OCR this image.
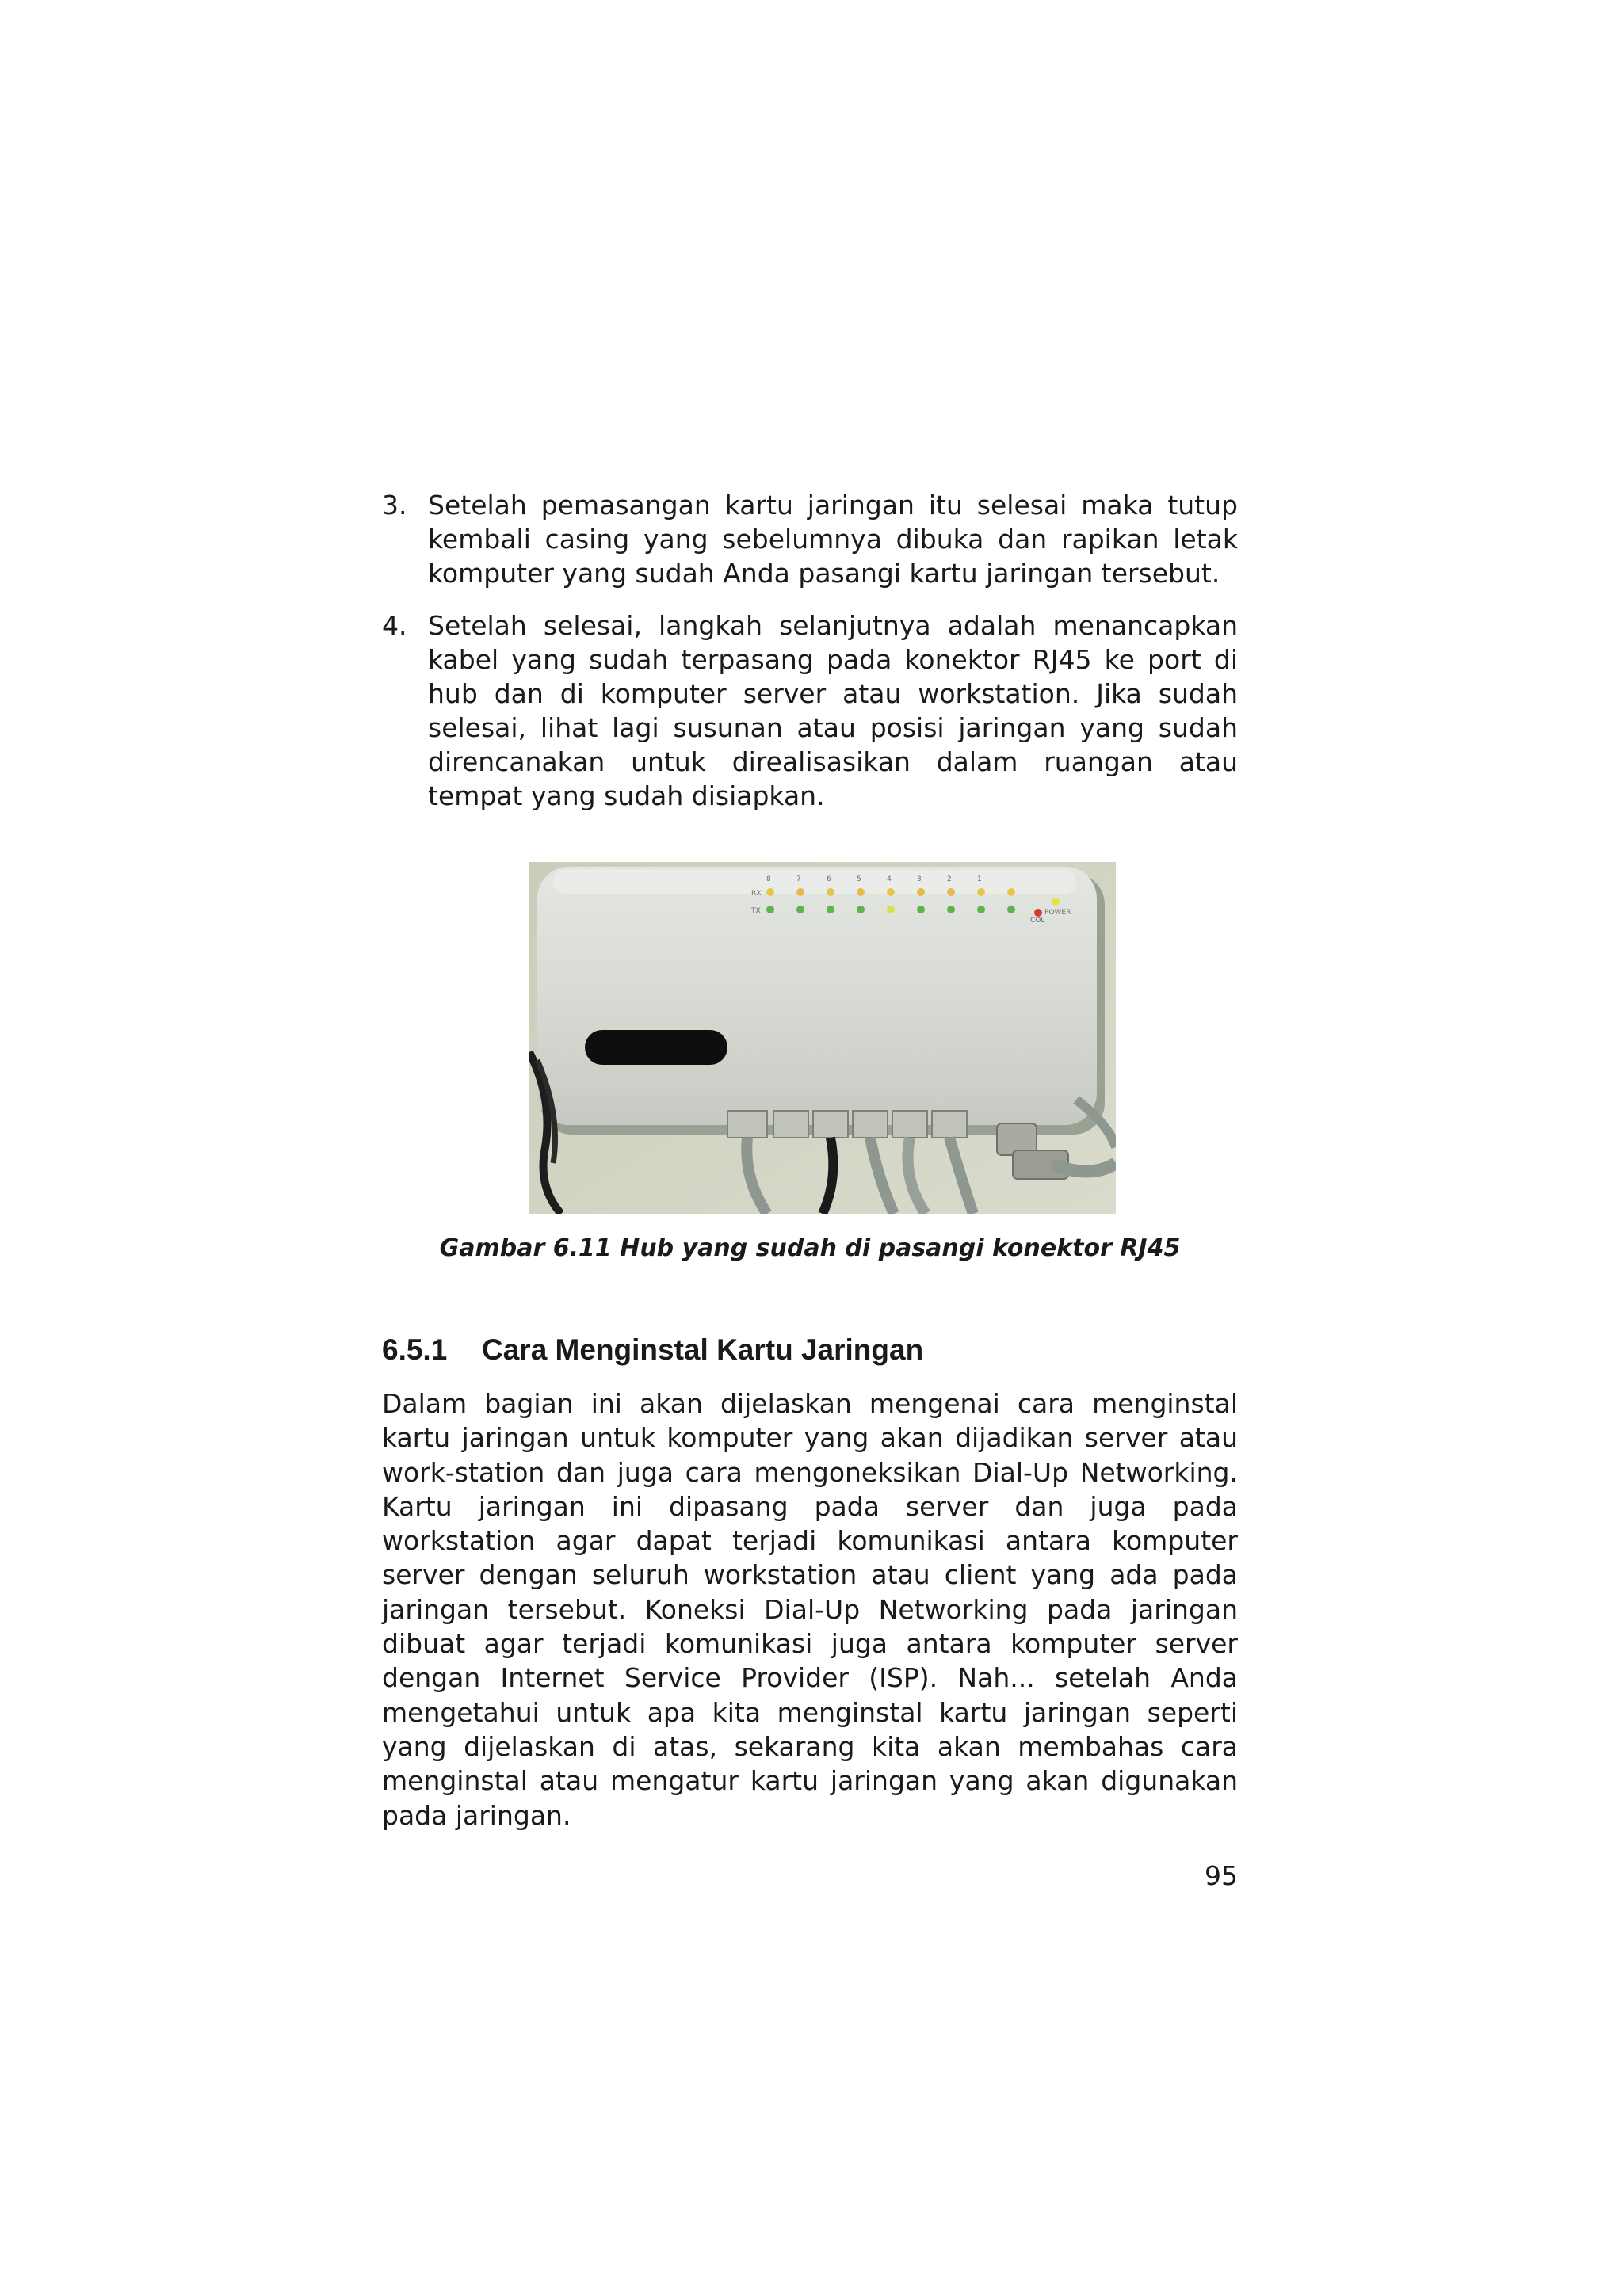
3. Setelah pemasangan kartu jaringan itu selesai maka tutup kembali casing yang sebelumnya dibuka dan rapikan letak komputer yang sudah Anda pasangi kartu jaringan tersebut.
4. Setelah selesai, langkah selanjutnya adalah menancapkan kabel yang sudah terpasang pada konektor RJ45 ke port di hub dan di komputer server atau workstation. Jika sudah selesai, lihat lagi susunan atau posisi jaringan yang sudah direncanakan untuk direalisasikan dalam ruangan atau tempat yang sudah disiapkan.
1
2
3
4
5
6
7
8
RX
TX
COL
POWER
Gambar 6.11 Hub yang sudah di pasangi konektor RJ45
6.5.1 Cara Menginstal Kartu Jaringan
Dalam bagian ini akan dijelaskan mengenai cara menginstal kartu jaringan untuk komputer yang akan dijadikan server atau work-station dan juga cara mengoneksikan Dial-Up Networking. Kartu jaringan ini dipasang pada server dan juga pada workstation agar dapat terjadi komunikasi antara komputer server dengan seluruh workstation atau client yang ada pada jaringan tersebut. Koneksi Dial-Up Networking pada jaringan dibuat agar terjadi komunikasi juga antara komputer server dengan Internet Service Provider (ISP). Nah... setelah Anda mengetahui untuk apa kita menginstal kartu jaringan seperti yang dijelaskan di atas, sekarang kita akan membahas cara menginstal atau mengatur kartu jaringan yang akan digunakan pada jaringan.
95
